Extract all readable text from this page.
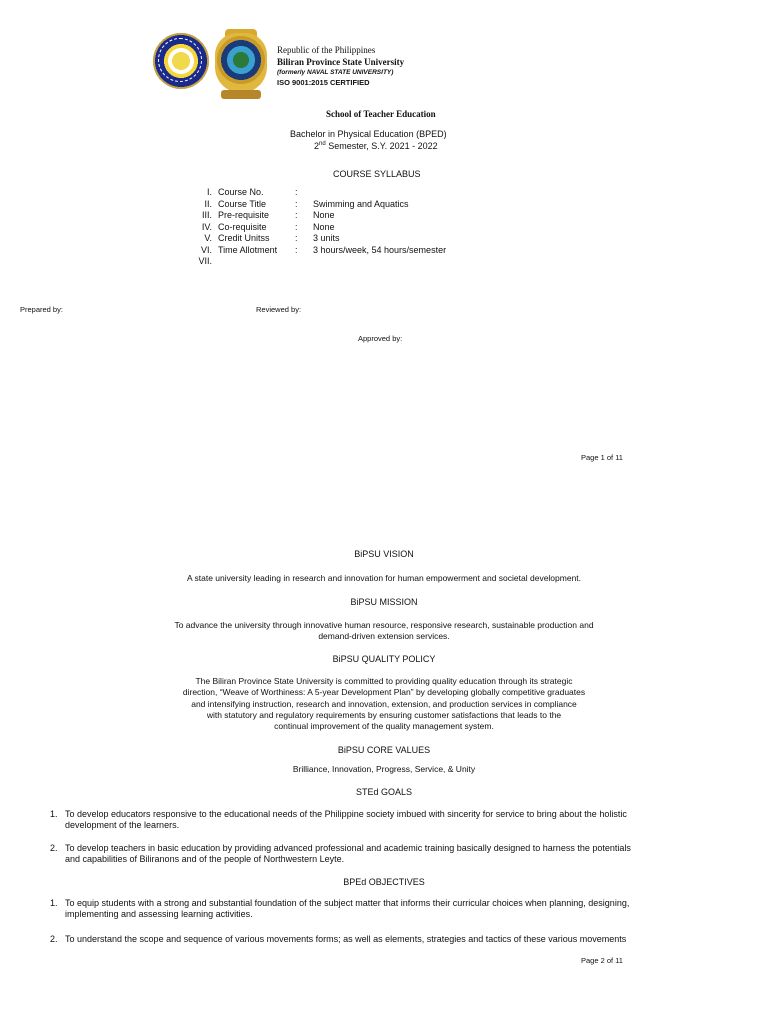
Republic of the Philippines
Biliran Province State University
(formerly NAVAL STATE UNIVERSITY)
ISO 9001:2015 CERTIFIED
School of Teacher Education
Bachelor in Physical Education (BPED)
2nd Semester, S.Y. 2021 - 2022
COURSE SYLLABUS
I. Course No.	:
II. Course Title	: Swimming and Aquatics
III. Pre-requisite	: None
IV. Co-requisite	: None
V. Credit Unitss	: 3 units
VI. Time Allotment : 3 hours/week, 54 hours/semester
VII.
Prepared by:	Reviewed by:
Approved by:
Page 1 of 11
BiPSU VISION
A state university leading in research and innovation for human empowerment and societal development.
BiPSU MISSION
To advance the university through innovative human resource, responsive research, sustainable production and
demand-driven extension services.
BiPSU QUALITY POLICY
The Biliran Province State University is committed to providing quality education through its strategic
direction, “Weave of Worthiness: A 5-year Development Plan” by developing globally competitive graduates
and intensifying instruction, research and innovation, extension, and production services in compliance
with statutory and regulatory requirements by ensuring customer satisfactions that leads to the
continual improvement of the quality management system.
BiPSU CORE VALUES
Brilliance, Innovation, Progress, Service, & Unity
STEd GOALS
1. To develop educators responsive to the educational needs of the Philippine society imbued with sincerity for service to bring about the holistic
development of the learners.
2. To develop teachers in basic education by providing advanced professional and academic training basically designed to harness the potentials
and capabilities of Biliranons and of the people of Northwestern Leyte.
BPEd OBJECTIVES
1. To equip students with a strong and substantial foundation of the subject matter that informs their curricular choices when planning, designing,
implementing and assessing learning activities.
2. To understand the scope and sequence of various movements forms; as well as elements, strategies and tactics of these various movements
Page 2 of 11
